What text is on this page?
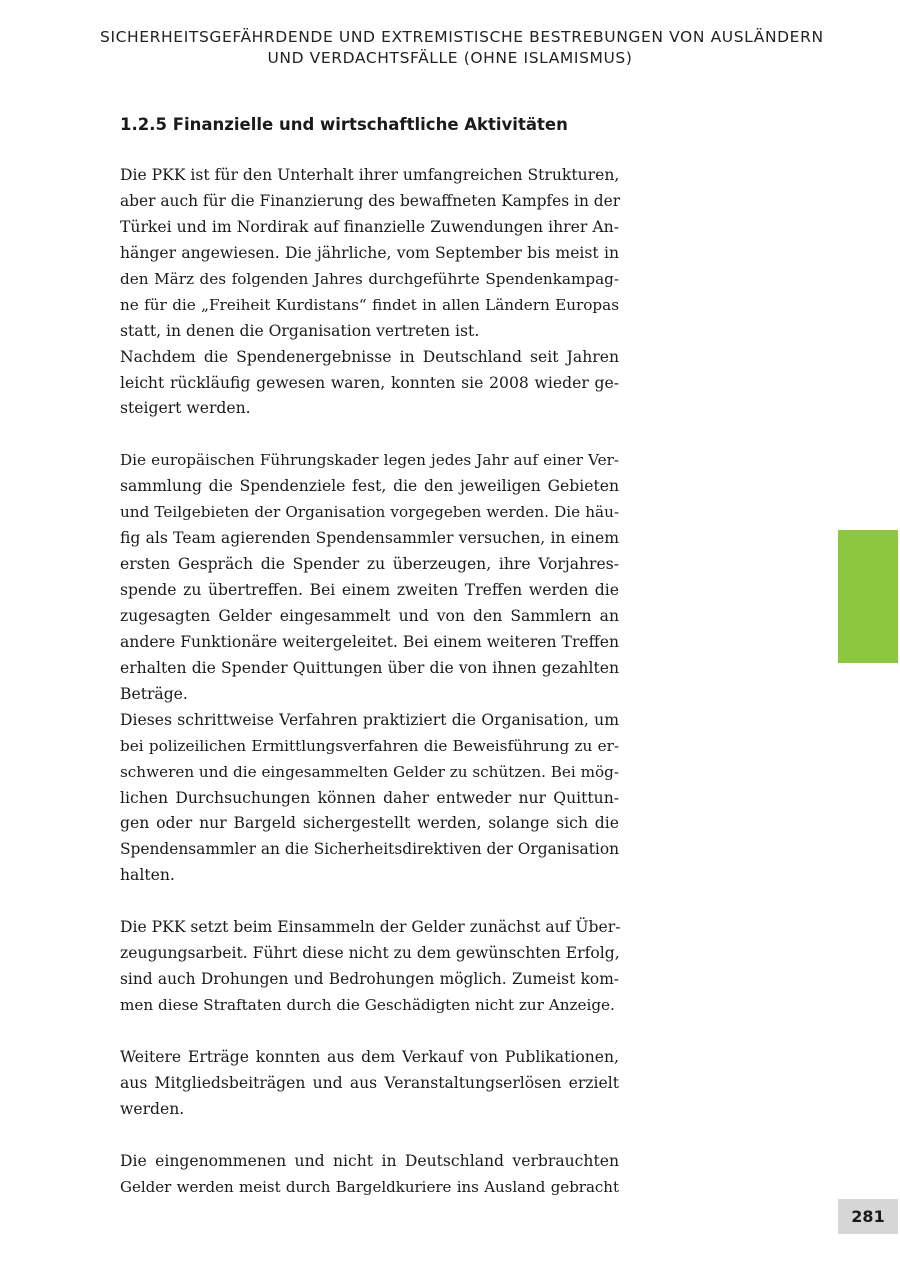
SICHERHEITSGEFÄHRDENDE UND EXTREMISTISCHE BESTREBUNGEN VON AUSLÄNDERN
UND VERDACHTSFÄLLE (OHNE ISLAMISMUS)
1.2.5 Finanzielle und wirtschaftliche Aktivitäten
Die PKK ist für den Unterhalt ihrer umfangreichen Strukturen,
aber auch für die Finanzierung des bewaffneten Kampfes in der
Türkei und im Nordirak auf finanzielle Zuwendungen ihrer An-
hänger angewiesen. Die jährliche, vom September bis meist in
den März des folgenden Jahres durchgeführte Spendenkampag-
ne für die „Freiheit Kurdistans“ findet in allen Ländern Europas
statt, in denen die Organisation vertreten ist.
Nachdem die Spendenergebnisse in Deutschland seit Jahren
leicht rückläufig gewesen waren, konnten sie 2008 wieder ge-
steigert werden.
Die europäischen Führungskader legen jedes Jahr auf einer Ver-
sammlung die Spendenziele fest, die den jeweiligen Gebieten
und Teilgebieten der Organisation vorgegeben werden. Die häu-
fig als Team agierenden Spendensammler versuchen, in einem
ersten Gespräch die Spender zu überzeugen, ihre Vorjahres-
spende zu übertreffen. Bei einem zweiten Treffen werden die
zugesagten Gelder eingesammelt und von den Sammlern an
andere Funktionäre weitergeleitet. Bei einem weiteren Treffen
erhalten die Spender Quittungen über die von ihnen gezahlten
Beträge.
Dieses schrittweise Verfahren praktiziert die Organisation, um
bei polizeilichen Ermittlungsverfahren die Beweisführung zu er-
schweren und die eingesammelten Gelder zu schützen. Bei mög-
lichen Durchsuchungen können daher entweder nur Quittun-
gen oder nur Bargeld sichergestellt werden, solange sich die
Spendensammler an die Sicherheitsdirektiven der Organisation
halten.
Die PKK setzt beim Einsammeln der Gelder zunächst auf Über-
zeugungsarbeit. Führt diese nicht zu dem gewünschten Erfolg,
sind auch Drohungen und Bedrohungen möglich. Zumeist kom-
men diese Straftaten durch die Geschädigten nicht zur Anzeige.
Weitere Erträge konnten aus dem Verkauf von Publikationen,
aus Mitgliedsbeiträgen und aus Veranstaltungserlösen erzielt
werden.
Die eingenommenen und nicht in Deutschland verbrauchten
Gelder werden meist durch Bargeldkuriere ins Ausland gebracht
281
